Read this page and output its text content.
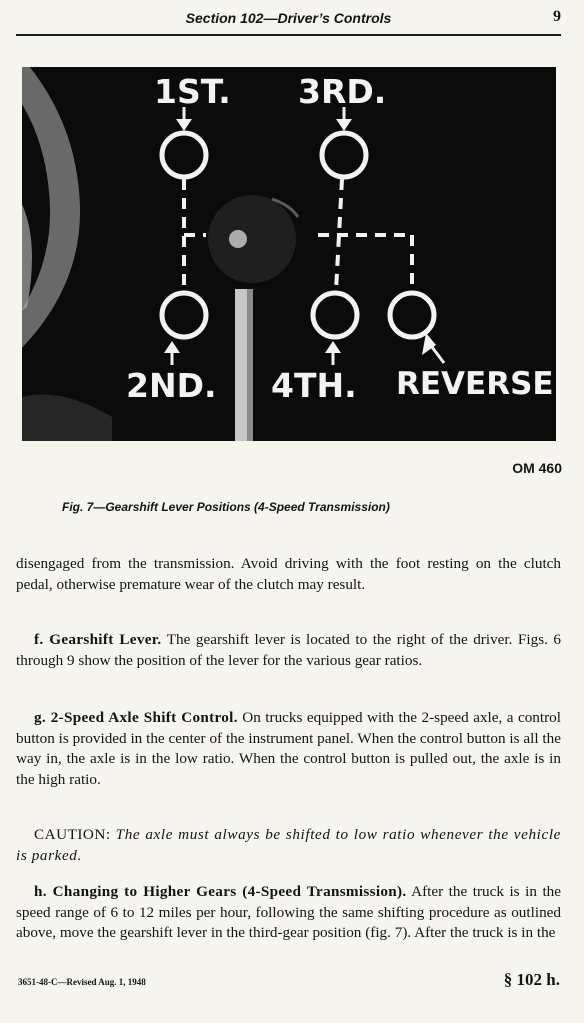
Section 102—Driver’s Controls	9
1ST. 3RD.
2ND. 4TH. REVERSE
OM 460
Fig. 7—Gearshift Lever Positions (4-Speed Transmission)

disengaged from the transmission. Avoid driving with the foot resting on the clutch pedal, otherwise premature wear of the clutch may result.

f. Gearshift Lever. The gearshift lever is located to the right of the driver. Figs. 6 through 9 show the position of the lever for the various gear ratios.

g. 2-Speed Axle Shift Control. On trucks equipped with the 2-speed axle, a control button is provided in the center of the instrument panel. When the control button is all the way in, the axle is in the low ratio. When the control button is pulled out, the axle is in the high ratio.

CAUTION: The axle must always be shifted to low ratio whenever the vehicle is parked.

h. Changing to Higher Gears (4-Speed Transmission). After the truck is in the speed range of 6 to 12 miles per hour, following the same shifting procedure as outlined above, move the gearshift lever in the third-gear position (fig. 7). After the truck is in the

3651-48-C—Revised Aug. 1, 1948	§ 102 h.
